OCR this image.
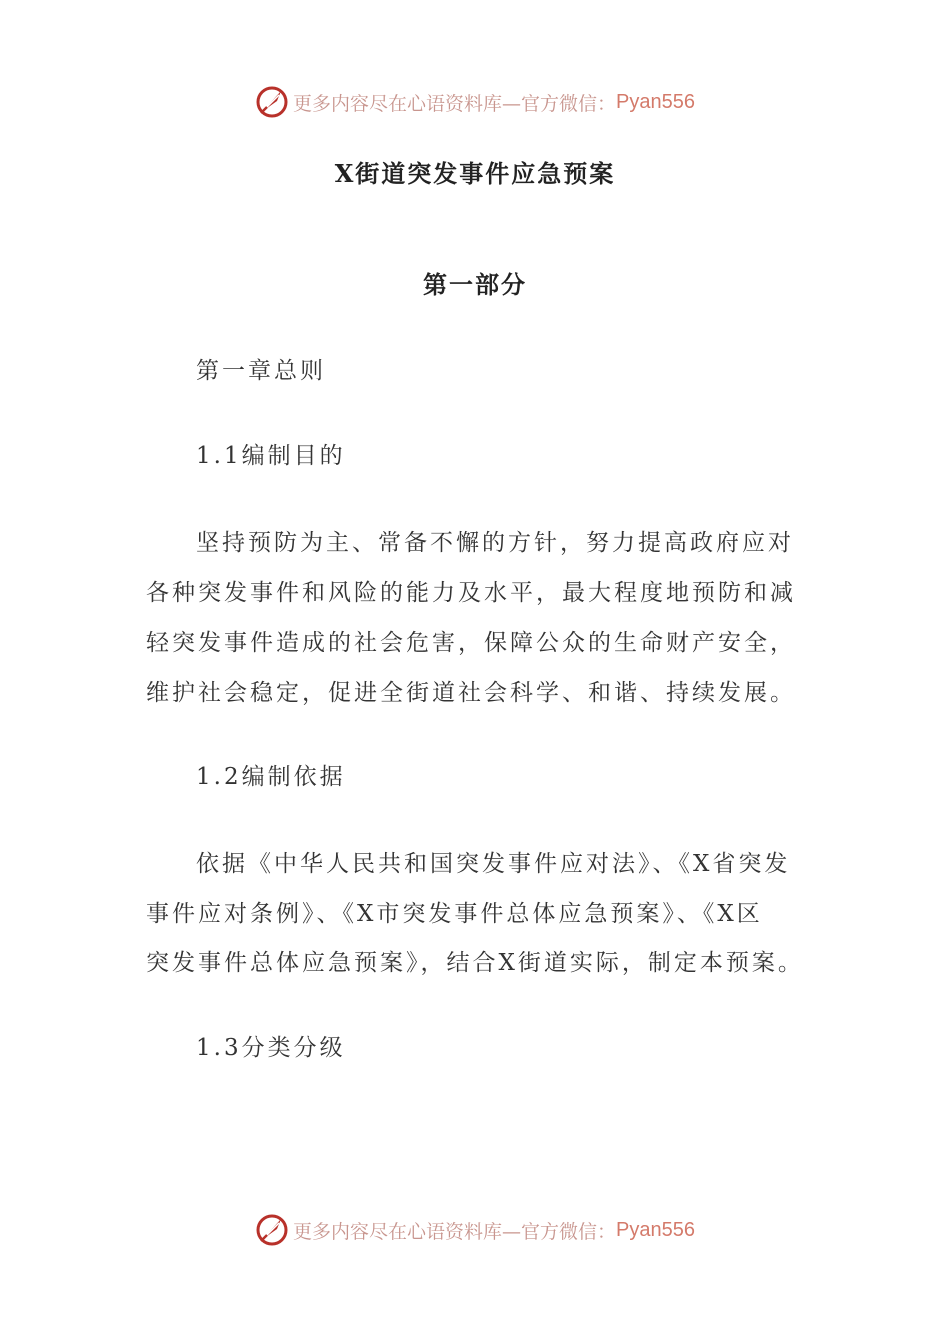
更多内容尽在心语资料库—官方微信： Pyan556
X街道突发事件应急预案
第一部分
第一章总则
1.1编制目的
坚持预防为主、常备不懈的方针，努力提高政府应对
各种突发事件和风险的能力及水平，最大程度地预防和减
轻突发事件造成的社会危害，保障公众的生命财产安全，
维护社会稳定，促进全街道社会科学、和谐、持续发展。
1.2编制依据
依据《中华人民共和国突发事件应对法》、《X省突发
事件应对条例》、《X市突发事件总体应急预案》、《X区
突发事件总体应急预案》，结合X街道实际，制定本预案。
1.3分类分级
更多内容尽在心语资料库—官方微信： Pyan556
